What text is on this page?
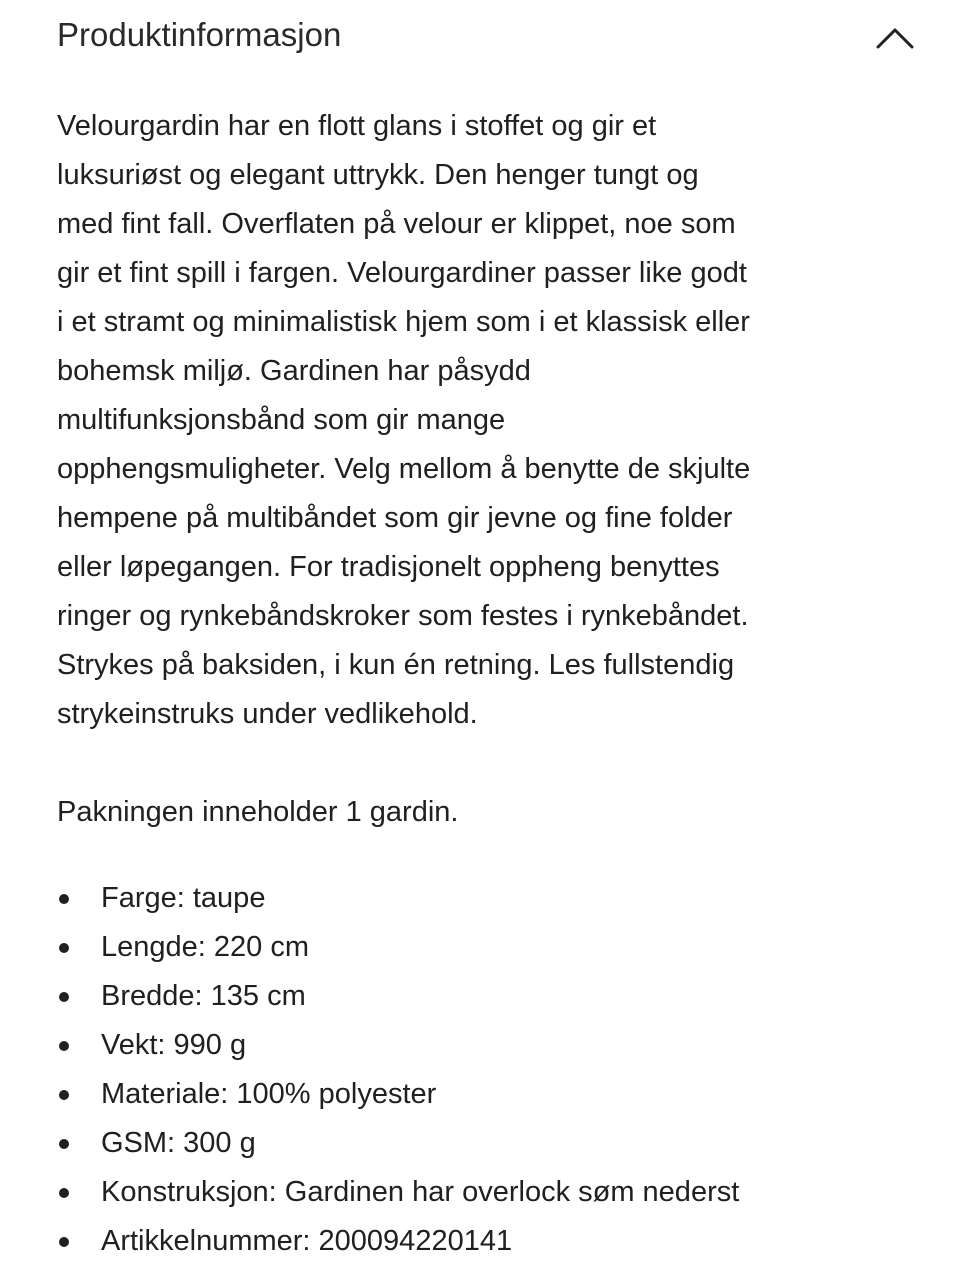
Produktinformasjon

Velourgardin har en flott glans i stoffet og gir et
luksuriøst og elegant uttrykk. Den henger tungt og
med fint fall. Overflaten på velour er klippet, noe som
gir et fint spill i fargen. Velourgardiner passer like godt
i et stramt og minimalistisk hjem som i et klassisk eller
bohemsk miljø. Gardinen har påsydd
multifunksjonsbånd som gir mange
opphengsmuligheter. Velg mellom å benytte de skjulte
hempene på multibåndet som gir jevne og fine folder
eller løpegangen. For tradisjonelt oppheng benyttes
ringer og rynkebåndskroker som festes i rynkebåndet.
Strykes på baksiden, i kun én retning. Les fullstendig
strykeinstruks under vedlikehold.

Pakningen inneholder 1 gardin.

Farge: taupe
Lengde: 220 cm
Bredde: 135 cm
Vekt: 990 g
Materiale: 100% polyester
GSM: 300 g
Konstruksjon: Gardinen har overlock søm nederst
Artikkelnummer: 200094220141
